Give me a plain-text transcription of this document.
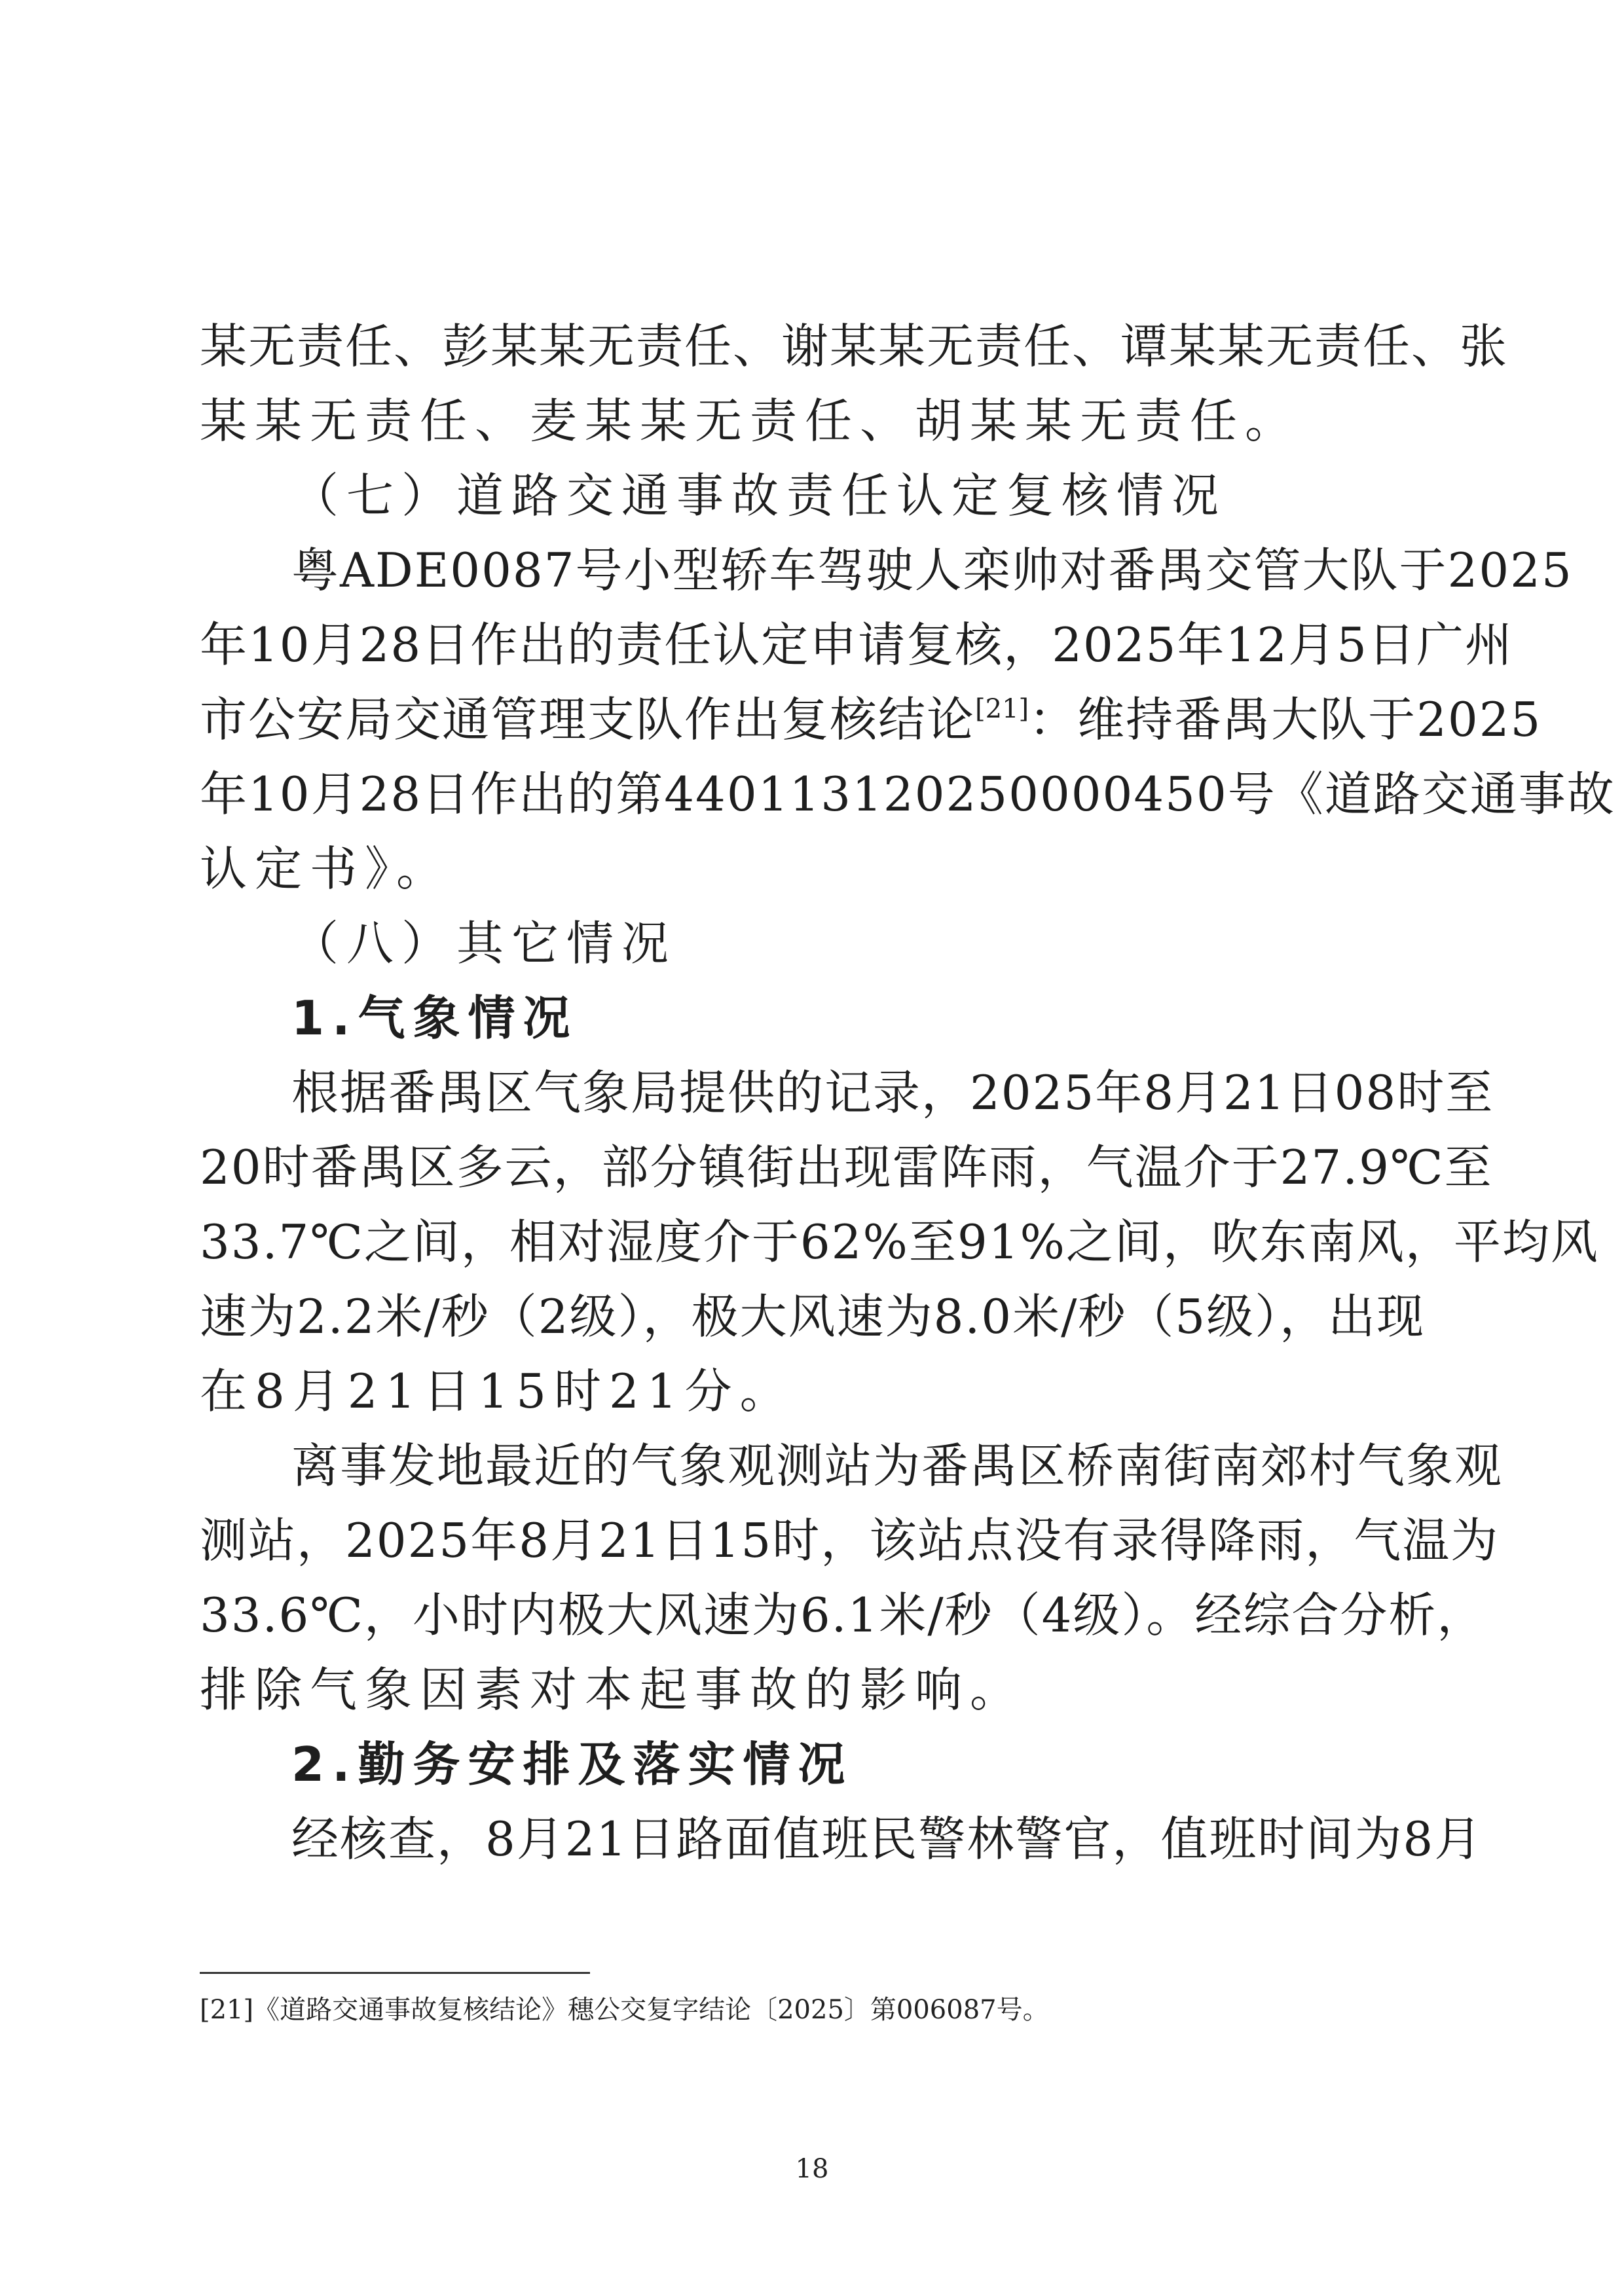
某无责任、彭某某无责任、谢某某无责任、谭某某无责任、张
某某无责任、麦某某无责任、胡某某无责任。
（七）道路交通事故责任认定复核情况
粤ADE0087号小型轿车驾驶人栾帅对番禺交管大队于2025
年10月28日作出的责任认定申请复核，2025年12月5日广州
市公安局交通管理支队作出复核结论[21]：维持番禺大队于2025
年10月28日作出的第440113120250000450号《道路交通事故
认定书》。
（八）其它情况
1.气象情况
根据番禺区气象局提供的记录，2025年8月21日08时至
20时番禺区多云，部分镇街出现雷阵雨，气温介于27.9℃至
33.7℃之间，相对湿度介于62%至91%之间，吹东南风，平均风
速为2.2米/秒（2级），极大风速为8.0米/秒（5级），出现
在8月21日15时21分。
离事发地最近的气象观测站为番禺区桥南街南郊村气象观
测站，2025年8月21日15时，该站点没有录得降雨，气温为
33.6℃，小时内极大风速为6.1米/秒（4级）。经综合分析，
排除气象因素对本起事故的影响。
2.勤务安排及落实情况
经核查，8月21日路面值班民警林警官，值班时间为8月
[21]《道路交通事故复核结论》穗公交复字结论〔2025〕第006087号。
18
